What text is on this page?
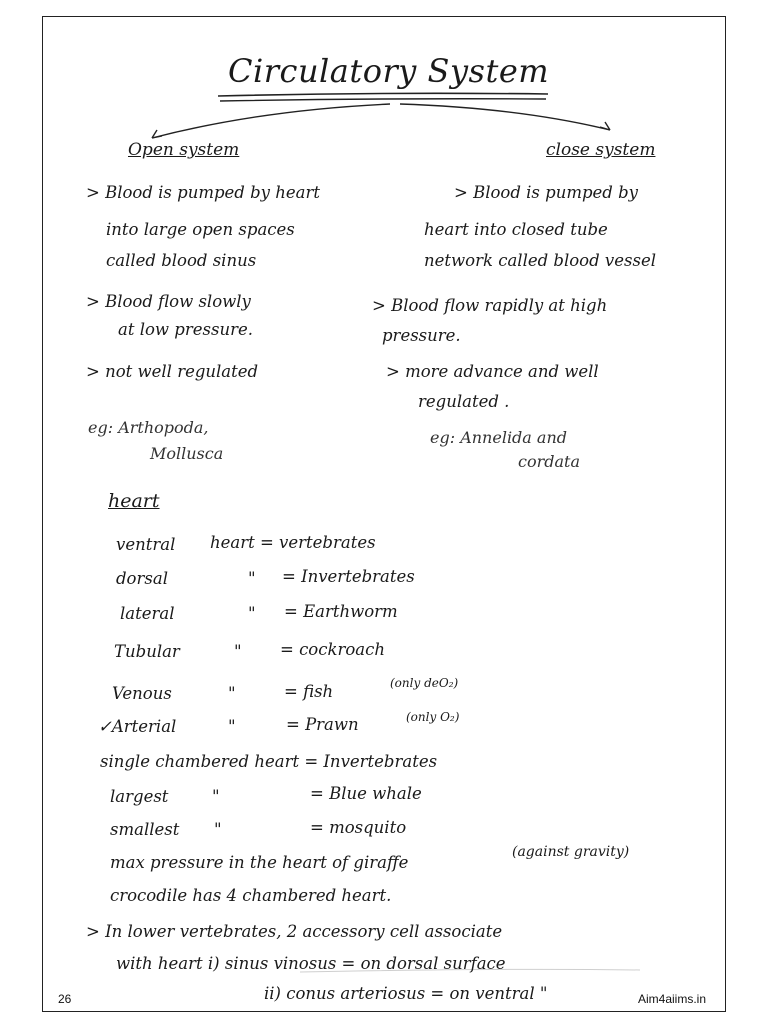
Circulatory System
Open system
> Blood is pumped by heart
into large open spaces
called blood sinus
> Blood flow slowly
at low pressure.
> not well regulated
eg: Arthopoda,
Mollusca
close system
> Blood is pumped by
heart into closed tube
network called blood vessel
> Blood flow rapidly at high
pressure.
> more advance and well
regulated .
eg: Annelida and
cordata
heart
ventral heart = vertebrates
dorsal	" = Invertebrates
lateral	" = Earthworm
Tubular	" = cockroach
Venous	"	= fish	(only deO₂)
✓Arterial	"	= Prawn	(only O₂)
single chambered heart = Invertebrates
largest	"	= Blue whale
smallest "	= mosquito
max pressure in the heart of giraffe
(against gravity)
crocodile has 4 chambered heart.
> In lower vertebrates, 2 accessory cell associate
with heart i) sinus vinosus = on dorsal surface
ii) conus arteriosus = on ventral "
26	Aim4aiims.in
